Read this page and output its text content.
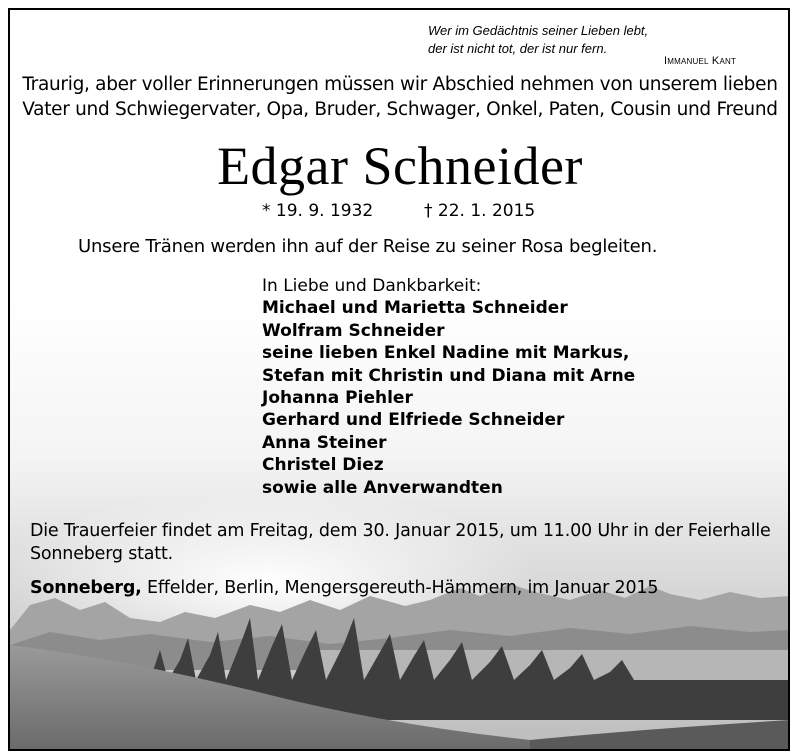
Wer im Gedächtnis seiner Lieben lebt,
der ist nicht tot, der ist nur fern.
Immanuel Kant
Traurig, aber voller Erinnerungen müssen wir Abschied nehmen von unserem lieben
Vater und Schwiegervater, Opa, Bruder, Schwager, Onkel, Paten, Cousin und Freund
Edgar Schneider
* 19. 9. 1932	† 22. 1. 2015
Unsere Tränen werden ihn auf der Reise zu seiner Rosa begleiten.
In Liebe und Dankbarkeit:
Michael und Marietta Schneider
Wolfram Schneider
seine lieben Enkel Nadine mit Markus,
Stefan mit Christin und Diana mit Arne
Johanna Piehler
Gerhard und Elfriede Schneider
Anna Steiner
Christel Diez
sowie alle Anverwandten
Die Trauerfeier findet am Freitag, dem 30. Januar 2015, um 11.00 Uhr in der Feierhalle
Sonneberg statt.
Sonneberg, Effelder, Berlin, Mengersgereuth-Hämmern, im Januar 2015
